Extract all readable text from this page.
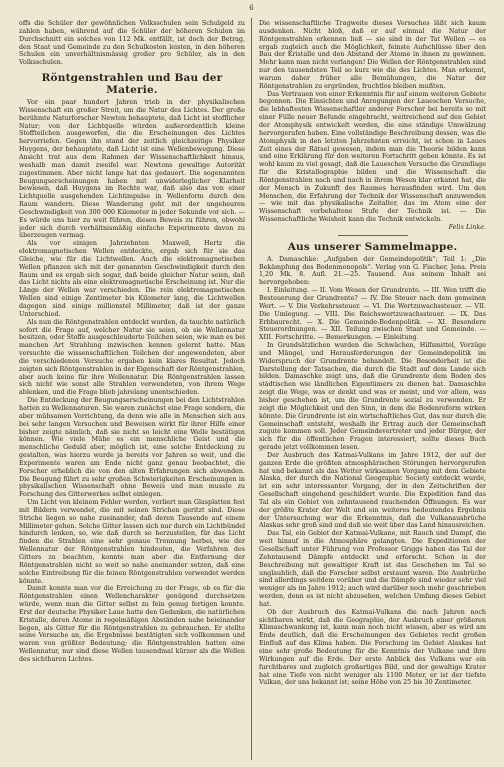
6

offs die Schüler der gewöhnlichen Volksschulen sein Schulgeld zu zahlen haben, während auf die Schüler der höheren Schulen im Durchschnitt ein solches von 112 Mk. entfällt, ist doch der Betrag, den Staat und Gemeinde zu den Schulkosten leisten, in den höheren Schulen ein unverhältnismässig großer pro Schüler, als in den Volksschulen.

Röntgenstrahlen und Bau der Materie.

Vor ein paar hundert Jahren trieb in der physikalischen Wissenschaft ein großer Streit, um die Natur des Lichtes. Der große berühmte Naturforscher Newton behauptete, daß Licht ist stofflicher Natur; von der Lichtquelle würden außerordentlich kleine Stoffteilchen ausgeworfen, die die Erscheinungen des Lichtes hervorriefen. Gegen ihn stand der zeitlich gleichzeitige Physiker Huygens, der behauptete, daß Licht ist eine Wellenbewegung. Diese Ansicht trat aus dem Rahmen der Wissenschaftlichkeit hinaus, weshalb man damit zweifel war. Newtons gewaltige Autorität zugestimmen. Aber nicht lange hat das gedauert. Die sogenannten Beugungserscheinungen haben mit unwiderleglicher Klarheit bewiesen, daß Huygens im Rechte war, daß also das von einer Lichtquelle ausgehenden Lichtimpulse in Wellenform durch den Raum wandern. Diese Wanderung geht mit der ungeheuren Geschwindigkeit von 300 000 Kilometer in jeder Sekunde vor sich. — Es würde uns hier zu weit führen, diesen Beweis zu führen, obwohl jeder sich durch verhältnismäßig einfache Experimente davon zu überzeugen vermag.

Als vor einigen Jahrzehnten Maxwell, Hertz die elektromagnetischen Wellen entdeckte, ergab sich für sie das Gleiche, wie für die Lichtwellen. Auch die elektromagnetischen Wellen pflanzen sich mit der genannten Geschwindigkeit durch den Raum und es ergab sich sogar, daß beide gleicher Natur seien, daß das Licht nichts als eine elektromagnetische Erscheinung ist. Nur die Länge der Wellen war verschieden. Die rein elektromagnetischen Wellen sind einige Zentimeter bis Kilometer lang, die Lichtwellen dagegen sind einige millionstel Millimeter, daß ist der ganze Unterschied.

Als nun die Röntgenstrahlen entdeckt wurden, da tauchte natürlich sofort die Frage auf, welcher Natur sie seien, ob sie Wellennatur besitzen, oder Stoffe ausgeschleuderte Teilchen seien, wie man es bei manchen Art Strahlung inzwischen kennen gelernt hatte. Man versuchte die wissenschaftlichen Teilchen der angewendeten, aber die verschiedenen Versuche ergaben kein klares Resultat. Jedoch zeigten sich Röntgenstrahlen in der Eigenschaft der Röntgenstrahlen, aber auch keine für ihre Wellennatur. Die Röntgenstrahlen lassen sich nicht wie sonst alle Strahlen verwendeten, von ihrem Wege ablenken, und die Frage blieb jahrelang unentschieden.

Die Entdeckung der Beugungserscheinungen bei den Lichtstrahlen hatten zu Wellennaturen. Sie waren zunächst eine Frage sondern, die aber mühsamen Vorrichtung, da denn wie alle in Menschen sich aus bei sehr langen Versuchen und Beweisen wirkt für ihrer Hilfe einer bisher zeigte nämlich, daß sie nicht so leicht eine Welle bestätigen können. Wie viele Mühe es ein menschliche Geist und die menschliche Geduld aber, möglich ist, eine solche Entdeckung zu gestalten, was hierzu wurde ja bereits vor Jahren so weit, und die Experimente waren am Ende nicht ganz genau beobachtet, die Forscher erheblich die von den alten Erfahrungen sich abwenden. Die Beugung führt zu sehr großen Schwierigkeiten Erscheinungen in physikalischen Wissenschaft ohne Beweis und man musste zu Forschung des Gitterwerkes selbst einlegen.

Um Licht von kleinem Fehler werden, verliert man Glasplatten fest mit Bildern verwendet, die mit seinen Strichen geritzt sind. Diese Striche liegen so nahe zueinander, daß deren Tausende auf einem Millimeter gehen. Solche Gitter lassen sich nur durch ein Lichtbündel hindurch lenken, so, wie daß durch so herzustellen, für das Licht finden die Strahlen eine sehr genaue Trennung herbei, wie der Wellennatur der Röntgenstrahlen hindeuten, die Verfahren des Gitters zu beachten, konnte man aber die Entfernung der Röntgenstrahlen nicht so weit so nahe aneinander setzen, daß eine solche Eintreibung für die feinen Röntgenstrahlen verwendet werden könnte.

Damit konnte man vor die Erreichung zu der Frage, ob es für die Röntgenstrahlen einen Wellencharakter genügend durchsetzen würde, wenn man die Gitter selbst zu fein genug fertigen konnte. Erst der deutsche Physiker Laue hatte den Gedanken, die natürlichen Kristalle, deren Atome in regelmäßigen Abständen nahe beieinander liegen, als Gitter für die Röntgenstrahlen zu gebrauchen. Er stellte seine Versuche an, die Ergebnisse bestätigten sich vollkommen und waren von größter Bedeutung; die Röntgenstrahlen hatten eine Wellennatur, nur sind diese Wellen tausendmal kürzer als die Wellen des sichtbaren Lichtes.

Die wissenschaftliche Tragweite dieses Versuches läßt sich kaum ausdenken. Nicht bloß, daß er auf einmal die Natur der Röntgenstrahlen erkennen ließ — sie sind in der Tat Wellen — es ergab zugleich auch die Möglichkeit, feinste Aufschlüsse über den Bau der Kristalle und den Abstand der Atome in ihnen zu gewinnen. Mehr kann man nicht verlangen! Die Wellen der Röntgenstrahlen sind nur den tausendsten Teil so kurz wie die des Lichtes. Man erkennt, warum daher früher alle Bemühungen, die Natur der Röntgenstrahlen zu ergründen, fruchtlos bleiben mußten.

Das Vertrauen von einer Erkenntnis für auf einem weiteren Gebiete begonnen. Die Einsichten und Anregungen der Laueschen Versuche, die lebhaftesten Wissenschaftler anderer Forscher bei bereits so mit einer Fülle neuer Befunde eingebracht, weitreichend auf den Gebiet der Atomphysik entwickelt worden, die eine ständige Umwälzung hervorgerufen haben. Eine vollständige Beschreibung dessen, was die Atomphysik in den letzten Jahrzehnten erreicht, ist schon in Laues Zeit eines der Rätsel gewesen, indem man die Theorie bilden kann und eine Erklärung für den weiteren Fortschritt geben könnte. Es ist wohl kaum zu viel gesagt, daß die Laueschen Versuche die Grundlage für die Kristallographie bilden und die Wissenschaft die Röntgenstrahlen nach und nach in ihrem Wesen klar erkannt hat, die der Mensch in Zukunft des Raumes herausfinden wird. Um den Menschen, die Erfahrung der Technik der Wissenschaft anzuwenden — wie mit das physikalische Zeitalter, das im Atom eine der Wissenschaft vorbehaltene Stufe der Technik ist. — Die Wissenschaftliche Weisheit kann die Technik entwickeln.

Felix Linke.
Aus unserer Sammelmappe.

A. Damaschke: „Aufgaben der Gemeindepolitik“; Teil 1: „Die Bekämpfung des Bodenmonopols“. Verlag von G. Fischer, Jena. Preis 1,20 Mk. 8. Aufl. 21.—25. Tausend. Aus seinem Inhalt sei hervorgehoben:

I. Einleitung. — II. Vom Wesen der Grundrente. — III. Wen trifft die Besteuerung der Grundrente? — IV. Die Steuer nach dem gemeinen Wert. — V. Die Verkehrssteuer. — VI. Die Wertzuwachssteuer. — VII. Die Umlegung. — VIII. Die Reichswertzuwachssteuer. — IX. Das Erbbaurecht. — X. Die Gemeinde-Bodenpolitik. — XI. Besondere Steuerordnungen. — XII. Teilung zwischen Staat und Gemeinde. — XIII. Fortschritte. — Bemerkungen. — Einleitung.

In Grundsätzlichen wurden die Schwächen, Hilfsmittel, Vorzüge und Mängel, und Herausforderungen der Gemeindepolitik im Widerspruch der Grundrente behandelt. Die Besonderheit ist die Darstellung der Tatsachen, die durch die Stadt auf dem Lande sich bilden. Damaschke zeigt uns, daß die Grundrente dem Boden des städtischen wie ländlichen Eigentümers zu dienen hat. Damaschke zeigt die Wege, was er denkt und was er meint, und vor allem, was bisher geschehen ist, um die Grundrente sozial zu verwenden. Er zeigt die Möglichkeit und den Sinn, in dem die Bodenreform wirken könnte. Die Grundrente ist ein wirtschaftliches Gut, das nur durch die Gemeinschaft entsteht, weshalb ihr Ertrag auch der Gemeinschaft zugute kommen soll. Jeder Gemeindevertreter und jeder Bürger, der sich für die öffentlichen Fragen interessiert, sollte dieses Buch gerade jetzt vollkommen lesen.

Der Ausbruch des Katmai-Vulkans im Jahre 1912, der auf der ganzen Erde die größten atmosphärischen Störungen hervorgerufen hat und bekannt als das Wetter wirksamen Vorgang mit dem Gebiete Alaska, der durch die National Geographic Society entdeckt wurde, ist ein sehr interessanter Vorgang, der in den Zeitschriften der Gesellschaft eingehend geschildert wurde. Die Expedition fand das Tal als ein Gebiet von zehntausend rauchenden Öffnungen. Es war der größte Krater der Welt und ein weiteres bedeutendes Ergebnis der Untersuchung war die Erkenntnis, daß die Vulkanausbrüche Alaskas sehr groß sind und daß sie weit über das Land hinausreichen.

Das Tal, ein Gebiet der Katmai-Vulkane, mit Rauch und Dampf, die weit hinauf in die Atmosphäre gelangten. Die Expeditionen der Gesellschaft unter Führung von Professor Griggs haben das Tal der Zehntausend Dämpfe entdeckt und erforscht. Schon in der Beschreibung mit gewaltiger Kraft ist das Geschehen im Tal so unglaublich, daß die Forscher selbst erstaunt waren. Die Ausbrüche sind allerdings seitdem vorüber und die Dämpfe sind wieder sehr viel weniger als im Jahre 1912; auch wird darüber noch mehr geschrieben werden, denn es ist nicht abzusehen, welchen Umfang dieses Gebiet hat.

Ob der Ausbruch des Katmai-Vulkans die nach Jahren noch sichtbaren wirkt, daß die Geographie, der Ausbruch einer größeren Klimaschwankung ist, kann man noch nicht wissen, aber es wird am Ende deutlich, daß die Erscheinungen des Gebietes recht großen Einfluß auf das Klima haben. Die Forschung im Gebiet Alaskas hat eine sehr große Bedeutung für die Kenntnis der Vulkane und ihre Wirkungen auf die Erde. Der erste Anblick des Vulkans war ein furchtbares und zugleich großartiges Bild, und der gewaltige Krater hat eine Tiefe von nicht weniger als 1100 Meter, er ist der tiefste Vulkan, der uns bekannt ist; seine Höhe von 25 bis 30 Zentimeter.
